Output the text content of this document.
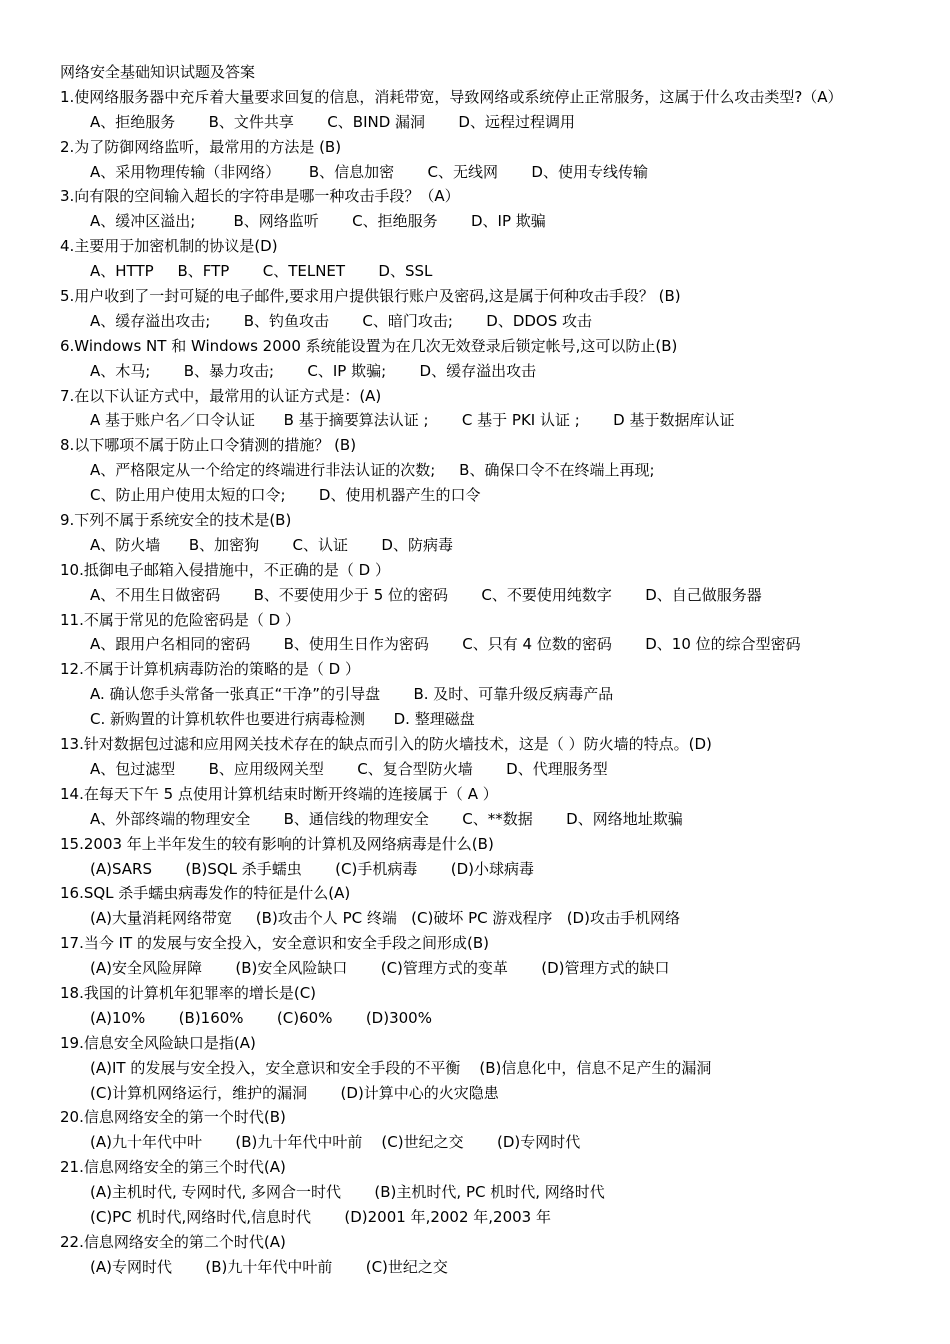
网络安全基础知识试题及答案
1.使网络服务器中充斥着大量要求回复的信息，消耗带宽，导致网络或系统停止正常服务，这属于什么攻击类型?（A）
A、拒绝服务       B、文件共享       C、BIND 漏洞       D、远程过程调用
2.为了防御网络监听，最常用的方法是 (B)
A、采用物理传输（非网络）      B、信息加密       C、无线网       D、使用专线传输
3.向有限的空间输入超长的字符串是哪一种攻击手段？（A）
A、缓冲区溢出;        B、网络监听       C、拒绝服务       D、IP 欺骗
4.主要用于加密机制的协议是(D)
A、HTTP     B、FTP       C、TELNET       D、SSL
5.用户收到了一封可疑的电子邮件,要求用户提供银行账户及密码,这是属于何种攻击手段？ (B)
A、缓存溢出攻击;       B、钓鱼攻击       C、暗门攻击;       D、DDOS 攻击
6.Windows NT 和 Windows 2000 系统能设置为在几次无效登录后锁定帐号,这可以防止(B)
A、木马;       B、暴力攻击;       C、IP 欺骗;       D、缓存溢出攻击
7.在以下认证方式中，最常用的认证方式是：(A)
A 基于账户名／口令认证      B 基于摘要算法认证 ;       C 基于 PKI 认证 ;       D 基于数据库认证
8.以下哪项不属于防止口令猜测的措施？ (B)
A、严格限定从一个给定的终端进行非法认证的次数;     B、确保口令不在终端上再现;
C、防止用户使用太短的口令;       D、使用机器产生的口令
9.下列不属于系统安全的技术是(B)
A、防火墙      B、加密狗       C、认证       D、防病毒
10.抵御电子邮箱入侵措施中，不正确的是（ D ）
A、不用生日做密码       B、不要使用少于 5 位的密码       C、不要使用纯数字       D、自己做服务器
11.不属于常见的危险密码是（ D ）
A、跟用户名相同的密码       B、使用生日作为密码       C、只有 4 位数的密码       D、10 位的综合型密码
12.不属于计算机病毒防治的策略的是（ D ）
A. 确认您手头常备一张真正“干净”的引导盘       B. 及时、可靠升级反病毒产品
C. 新购置的计算机软件也要进行病毒检测      D. 整理磁盘
13.针对数据包过滤和应用网关技术存在的缺点而引入的防火墙技术，这是（ ）防火墙的特点。(D)
A、包过滤型       B、应用级网关型       C、复合型防火墙       D、代理服务型
14.在每天下午 5 点使用计算机结束时断开终端的连接属于（ A ）
A、外部终端的物理安全       B、通信线的物理安全       C、**数据       D、网络地址欺骗
15.2003 年上半年发生的较有影响的计算机及网络病毒是什么(B)
(A)SARS       (B)SQL 杀手蠕虫       (C)手机病毒       (D)小球病毒
16.SQL 杀手蠕虫病毒发作的特征是什么(A)
(A)大量消耗网络带宽     (B)攻击个人 PC 终端   (C)破坏 PC 游戏程序   (D)攻击手机网络
17.当今 IT 的发展与安全投入，安全意识和安全手段之间形成(B)
(A)安全风险屏障       (B)安全风险缺口       (C)管理方式的变革       (D)管理方式的缺口
18.我国的计算机年犯罪率的增长是(C)
(A)10%       (B)160%       (C)60%       (D)300%
19.信息安全风险缺口是指(A)
(A)IT 的发展与安全投入，安全意识和安全手段的不平衡    (B)信息化中，信息不足产生的漏洞
(C)计算机网络运行，维护的漏洞       (D)计算中心的火灾隐患
20.信息网络安全的第一个时代(B)
(A)九十年代中叶       (B)九十年代中叶前    (C)世纪之交       (D)专网时代
21.信息网络安全的第三个时代(A)
(A)主机时代, 专网时代, 多网合一时代       (B)主机时代, PC 机时代, 网络时代
(C)PC 机时代,网络时代,信息时代       (D)2001 年,2002 年,2003 年
22.信息网络安全的第二个时代(A)
(A)专网时代       (B)九十年代中叶前       (C)世纪之交
